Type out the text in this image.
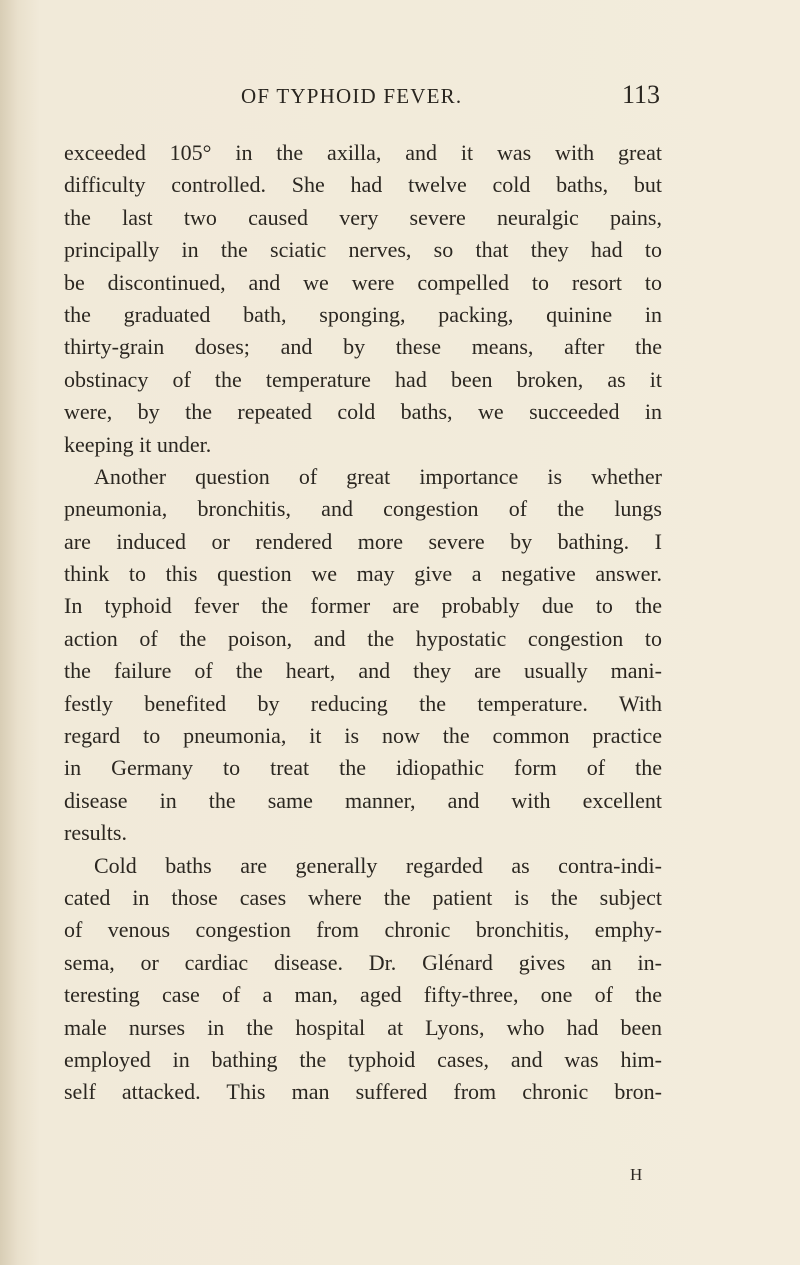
OF TYPHOID FEVER.	113
exceeded 105° in the axilla, and it was with great
difficulty controlled. She had twelve cold baths, but
the last two caused very severe neuralgic pains,
principally in the sciatic nerves, so that they had to
be discontinued, and we were compelled to resort to
the graduated bath, sponging, packing, quinine in
thirty-grain doses; and by these means, after the
obstinacy of the temperature had been broken, as it
were, by the repeated cold baths, we succeeded in
keeping it under.
Another question of great importance is whether
pneumonia, bronchitis, and congestion of the lungs
are induced or rendered more severe by bathing. I
think to this question we may give a negative answer.
In typhoid fever the former are probably due to the
action of the poison, and the hypostatic congestion to
the failure of the heart, and they are usually mani-
festly benefited by reducing the temperature. With
regard to pneumonia, it is now the common practice
in Germany to treat the idiopathic form of the
disease in the same manner, and with excellent
results.
Cold baths are generally regarded as contra-indi-
cated in those cases where the patient is the subject
of venous congestion from chronic bronchitis, emphy-
sema, or cardiac disease. Dr. Glénard gives an in-
teresting case of a man, aged fifty-three, one of the
male nurses in the hospital at Lyons, who had been
employed in bathing the typhoid cases, and was him-
self attacked. This man suffered from chronic bron-
H
